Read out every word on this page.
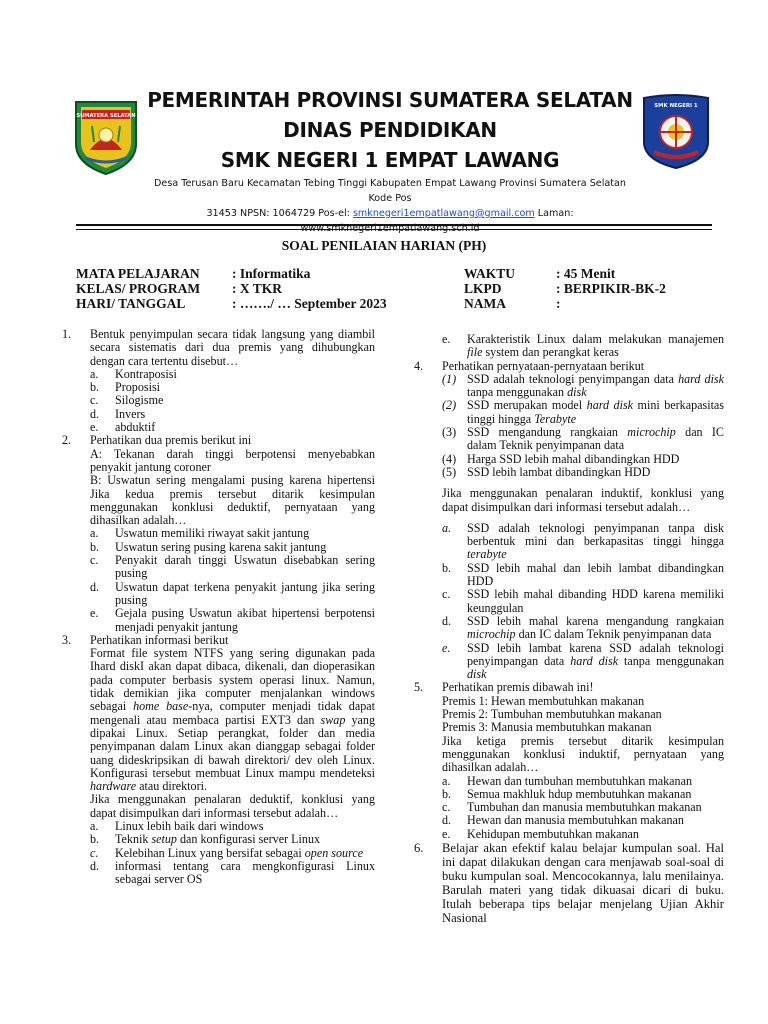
SUMATERA SELATAN
PEMERINTAH PROVINSI SUMATERA SELATAN
DINAS PENDIDIKAN
SMK NEGERI 1 EMPAT LAWANG
Desa Terusan Baru Kecamatan Tebing Tinggi Kabupaten Empat Lawang Provinsi Sumatera Selatan Kode Pos
31453 NPSN: 1064729 Pos-el: smknegeri1empatlawang@gmail.com Laman:
www.smknegeri1empatlawang.sch.id
SMK NEGERI 1
SOAL PENILAIAN HARIAN (PH)
MATA PELAJARAN : Informatika
KELAS/ PROGRAM : X TKR
HARI/ TANGGAL	: ……./ … September 2023
WAKTU	: 45 Menit
LKPD	: BERPIKIR-BK-2
NAMA	:
1. Bentuk penyimpulan secara tidak langsung yang diambil secara sistematis dari dua premis yang dihubungkan dengan cara tertentu disebut…
a. Kontraposisi
b. Proposisi
c. Silogisme
d. Invers
e. abduktif
2. Perhatikan dua premis berikut ini
A: Tekanan darah tinggi berpotensi menyebabkan penyakit jantung coroner
B: Uswatun sering mengalami pusing karena hipertensi Jika kedua premis tersebut ditarik kesimpulan menggunakan konklusi deduktif, pernyataan yang dihasilkan adalah…
a. Uswatun memiliki riwayat sakit jantung
b. Uswatun sering pusing karena sakit jantung
c. Penyakit darah tinggi Uswatun disebabkan sering pusing
d. Uswatun dapat terkena penyakit jantung jika sering pusing
e. Gejala pusing Uswatun akibat hipertensi berpotensi menjadi penyakit jantung
3. Perhatikan informasi berikut
Format file system NTFS yang sering digunakan pada Ihard diskI akan dapat dibaca, dikenali, dan dioperasikan pada computer berbasis system operasi linux. Namun, tidak demikian jika computer menjalankan windows sebagai home base-nya, computer menjadi tidak dapat mengenali atau membaca partisi EXT3 dan swap yang dipakai Linux. Setiap perangkat, folder dan media penyimpanan dalam Linux akan dianggap sebagai folder uang dideskripsikan di bawah direktori/ dev oleh Linux. Konfigurasi tersebut membuat Linux mampu mendeteksi hardware atau direktori.
Jika menggunakan penalaran deduktif, konklusi yang dapat disimpulkan dari informasi tersebut adalah…
a. Linux lebih baik dari windows
b. Teknik setup dan konfigurasi server Linux
c. Kelebihan Linux yang bersifat sebagai open source
d. informasi tentang cara mengkonfigurasi Linux sebagai server OS
e. Karakteristik Linux dalam melakukan manajemen file system dan perangkat keras
4. Perhatikan pernyataan-pernyataan berikut
(1) SSD adalah teknologi penyimpangan data hard disk tanpa menggunakan disk
(2) SSD merupakan model hard disk mini berkapasitas tinggi hingga Terabyte
(3) SSD mengandung rangkaian microchip dan IC dalam Teknik penyimpanan data
(4) Harga SSD lebih mahal dibandingkan HDD
(5) SSD lebih lambat dibandingkan HDD
Jika menggunakan penalaran induktif, konklusi yang dapat disimpulkan dari informasi tersebut adalah…
a. SSD adalah teknologi penyimpanan tanpa disk berbentuk mini dan berkapasitas tinggi hingga terabyte
b. SSD lebih mahal dan lebih lambat dibandingkan HDD
c. SSD lebih mahal dibanding HDD karena memiliki keunggulan
d. SSD lebih mahal karena mengandung rangkaian microchip dan IC dalam Teknik penyimpanan data
e. SSD lebih lambat karena SSD adalah teknologi penyimpangan data hard disk tanpa menggunakan disk
5. Perhatikan premis dibawah ini!
Premis 1: Hewan membutuhkan makanan
Premis 2: Tumbuhan membutuhkan makanan
Premis 3: Manusia membutuhkan makanan
Jika ketiga premis tersebut ditarik kesimpulan menggunakan konklusi induktif, pernyataan yang dihasilkan adalah…
a. Hewan dan tumbuhan membutuhkan makanan
b. Semua makhluk hdup membutuhkan makanan
c. Tumbuhan dan manusia membutuhkan makanan
d. Hewan dan manusia membutuhkan makanan
e. Kehidupan membutuhkan makanan
6. Belajar akan efektif kalau belajar kumpulan soal. Hal ini dapat dilakukan dengan cara menjawab soal-soal di buku kumpulan soal. Mencocokannya, lalu menilainya. Barulah materi yang tidak dikuasai dicari di buku. Itulah beberapa tips belajar menjelang Ujian Akhir Nasional
